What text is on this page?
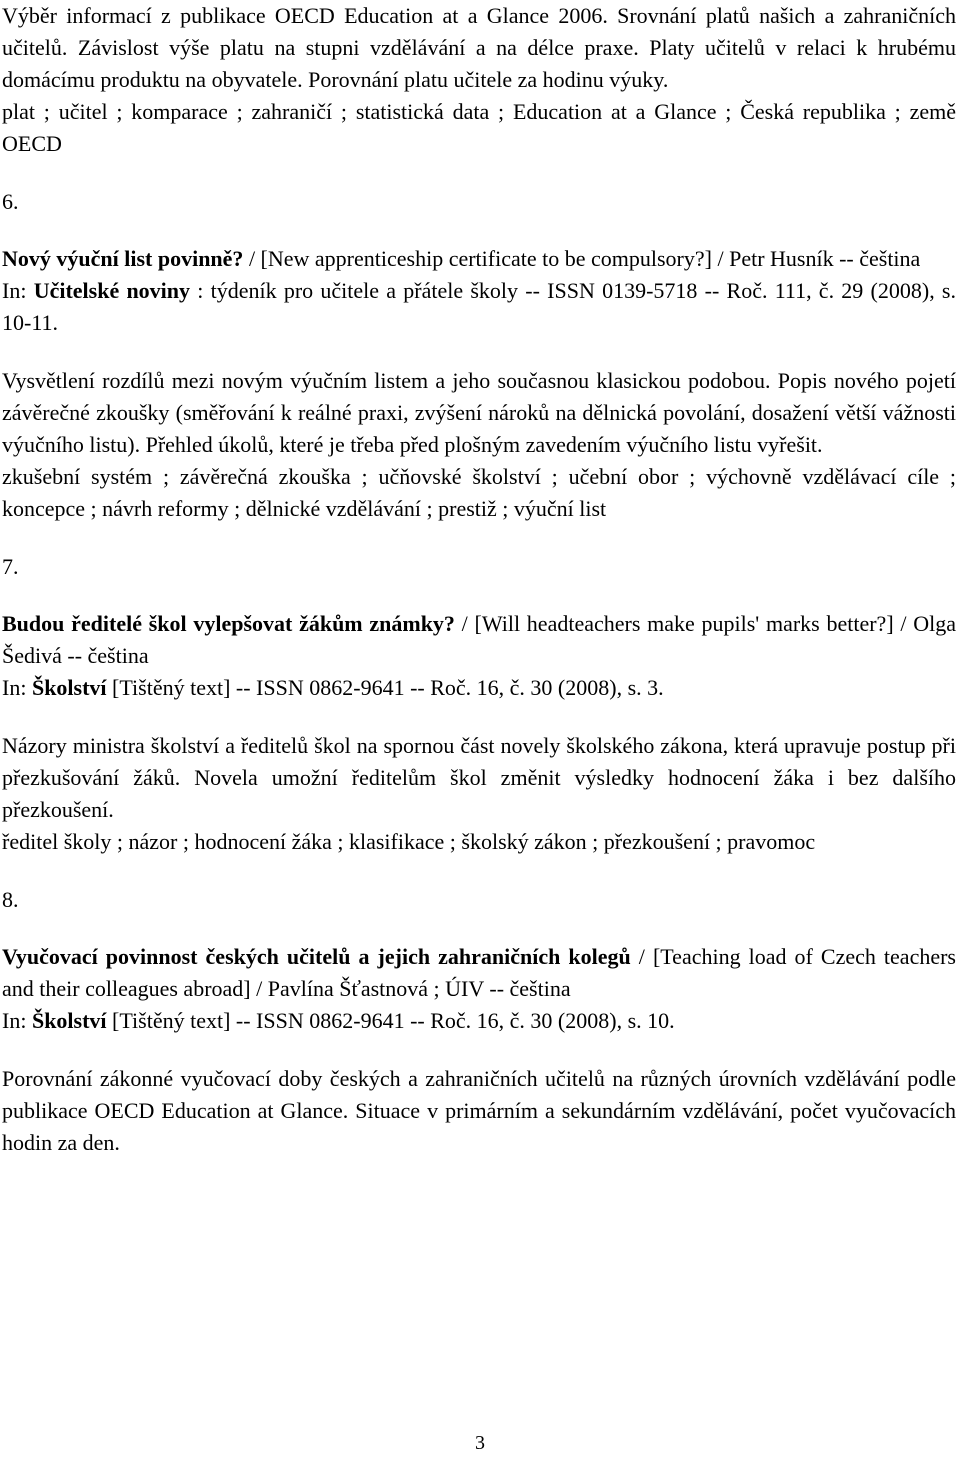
Výběr informací z publikace OECD Education at a Glance 2006. Srovnání platů našich a zahraničních učitelů. Závislost výše platu na stupni vzdělávání a na délce praxe. Platy učitelů v relaci k hrubému domácímu produktu na obyvatele. Porovnání platu učitele za hodinu výuky.

plat ; učitel ; komparace ; zahraničí ; statistická data ; Education at a Glance ; Česká republika ; země OECD

6.

Nový výuční list povinně? / [New apprenticeship certificate to be compulsory?] / Petr Husník -- čeština

In: Učitelské noviny : týdeník pro učitele a přátele školy -- ISSN 0139-5718 -- Roč. 111, č. 29 (2008), s. 10-11.

Vysvětlení rozdílů mezi novým výučním listem a jeho současnou klasickou podobou. Popis nového pojetí závěrečné zkoušky (směřování k reálné praxi, zvýšení nároků na dělnická povolání, dosažení větší vážnosti výučního listu). Přehled úkolů, které je třeba před plošným zavedením výučního listu vyřešit.

zkušební systém ; závěrečná zkouška ; učňovské školství ; učební obor ; výchovně vzdělávací cíle ; koncepce ; návrh reformy ; dělnické vzdělávání ; prestiž ; výuční list

7.

Budou ředitelé škol vylepšovat žákům známky? / [Will headteachers make pupils' marks better?] / Olga Šedivá -- čeština

In: Školství [Tištěný text] -- ISSN 0862-9641 -- Roč. 16, č. 30 (2008), s. 3.

Názory ministra školství a ředitelů škol na spornou část novely školského zákona, která upravuje postup při přezkušování žáků. Novela umožní ředitelům škol změnit výsledky hodnocení žáka i bez dalšího přezkoušení.

ředitel školy ; názor ; hodnocení žáka ; klasifikace ; školský zákon ; přezkoušení ; pravomoc

8.

Vyučovací povinnost českých učitelů a jejich zahraničních kolegů / [Teaching load of Czech teachers and their colleagues abroad] / Pavlína Šťastnová ; ÚIV -- čeština

In: Školství [Tištěný text] -- ISSN 0862-9641 -- Roč. 16, č. 30 (2008), s. 10.

Porovnání zákonné vyučovací doby českých a zahraničních učitelů na různých úrovních vzdělávání podle publikace OECD Education at Glance. Situace v primárním a sekundárním vzdělávání, počet vyučovacích hodin za den.

3
